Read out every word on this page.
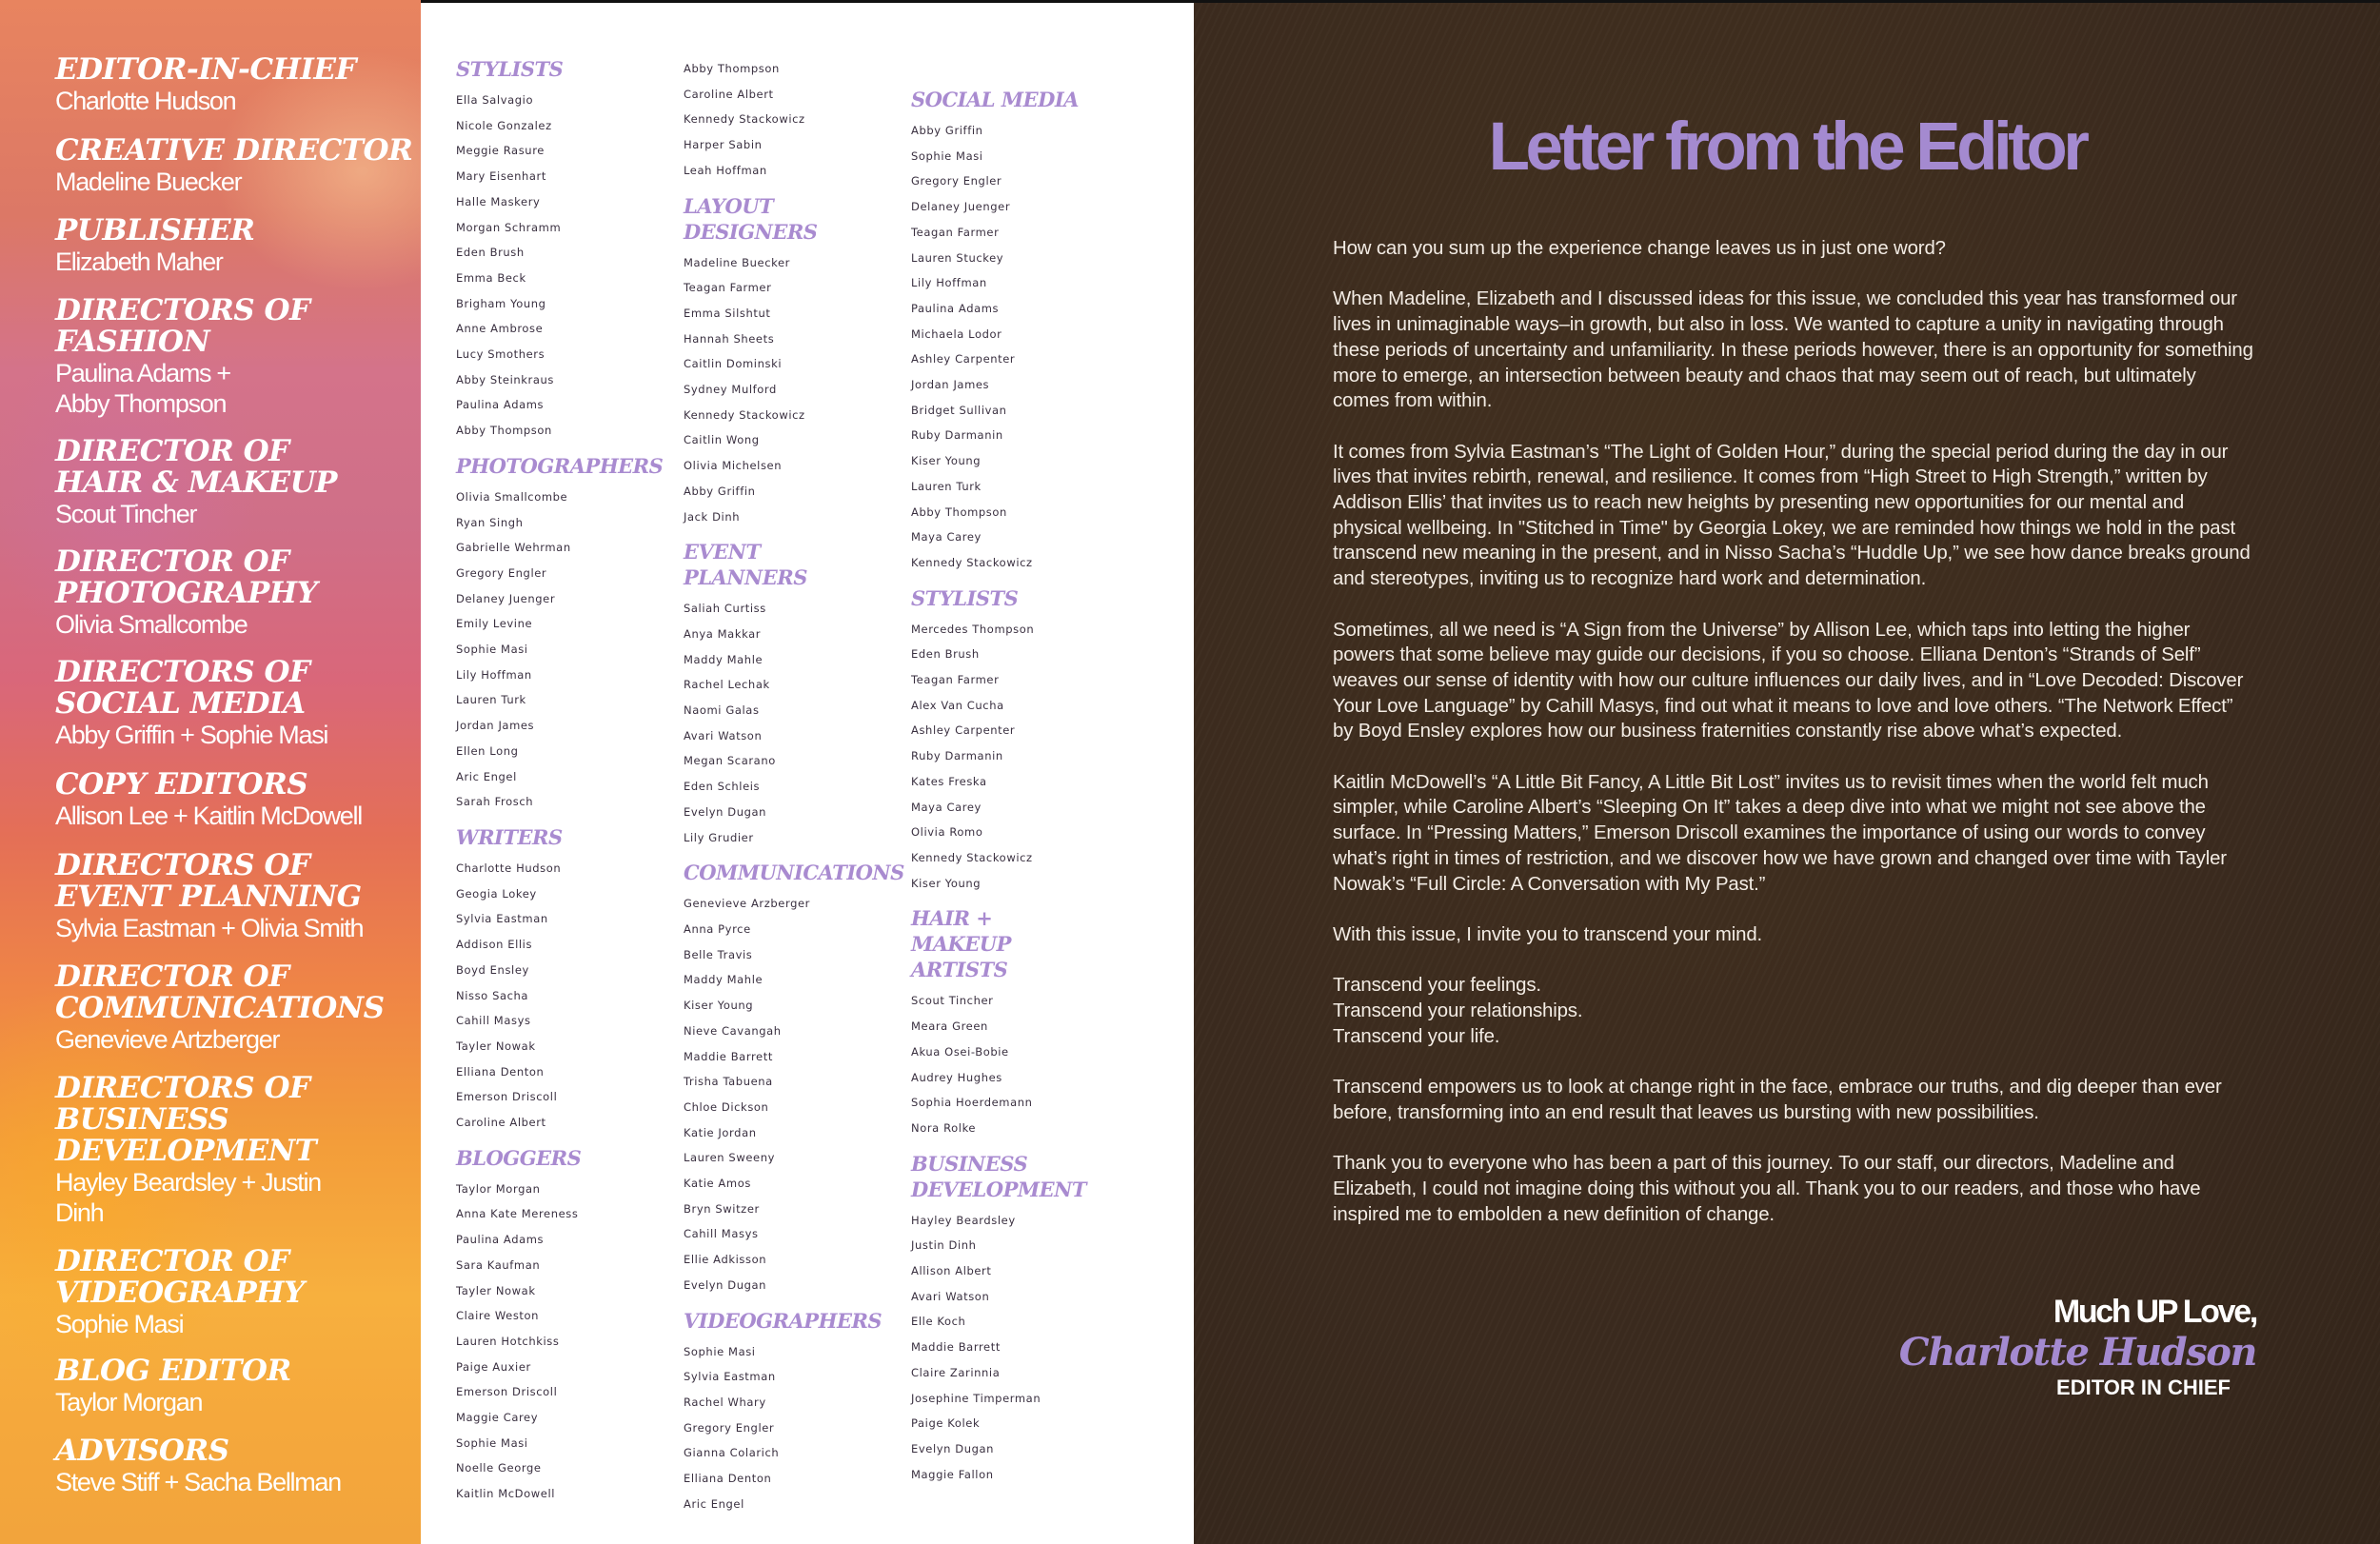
EDITOR-IN-CHIEF
Charlotte Hudson
CREATIVE DIRECTOR
Madeline Buecker
PUBLISHER
Elizabeth Maher
DIRECTORS OF
FASHION
Paulina Adams +
Abby Thompson
DIRECTOR OF
HAIR & MAKEUP
Scout Tincher
DIRECTOR OF
PHOTOGRAPHY
Olivia Smallcombe
DIRECTORS OF
SOCIAL MEDIA
Abby Griffin + Sophie Masi
COPY EDITORS
Allison Lee + Kaitlin McDowell
DIRECTORS OF
EVENT PLANNING
Sylvia Eastman + Olivia Smith
DIRECTOR OF
COMMUNICATIONS
Genevieve Artzberger
DIRECTORS OF
BUSINESS
DEVELOPMENT
Hayley Beardsley + Justin
Dinh
DIRECTOR OF
VIDEOGRAPHY
Sophie Masi
BLOG EDITOR
Taylor Morgan
ADVISORS
Steve Stiff + Sacha Bellman
STYLISTS
Ella Salvagio
Nicole Gonzalez
Meggie Rasure
Mary Eisenhart
Halle Maskery
Morgan Schramm
Eden Brush
Emma Beck
Brigham Young
Anne Ambrose
Lucy Smothers
Abby Steinkraus
Paulina Adams
Abby Thompson
PHOTOGRAPHERS
Olivia Smallcombe
Ryan Singh
Gabrielle Wehrman
Gregory Engler
Delaney Juenger
Emily Levine
Sophie Masi
Lily Hoffman
Lauren Turk
Jordan James
Ellen Long
Aric Engel
Sarah Frosch
WRITERS
Charlotte Hudson
Geogia Lokey
Sylvia Eastman
Addison Ellis
Boyd Ensley
Nisso Sacha
Cahill Masys
Tayler Nowak
Elliana Denton
Emerson Driscoll
Caroline Albert
BLOGGERS
Taylor Morgan
Anna Kate Mereness
Paulina Adams
Sara Kaufman
Tayler Nowak
Claire Weston
Lauren Hotchkiss
Paige Auxier
Emerson Driscoll
Maggie Carey
Sophie Masi
Noelle George
Kaitlin McDowell
Abby Thompson
Caroline Albert
Kennedy Stackowicz
Harper Sabin
Leah Hoffman
LAYOUT
DESIGNERS
Madeline Buecker
Teagan Farmer
Emma Silshtut
Hannah Sheets
Caitlin Dominski
Sydney Mulford
Kennedy Stackowicz
Caitlin Wong
Olivia Michelsen
Abby Griffin
Jack Dinh
EVENT
PLANNERS
Saliah Curtiss
Anya Makkar
Maddy Mahle
Rachel Lechak
Naomi Galas
Avari Watson
Megan Scarano
Eden Schleis
Evelyn Dugan
Lily Grudier
COMMUNICATIONS
Genevieve Arzberger
Anna Pyrce
Belle Travis
Maddy Mahle
Kiser Young
Nieve Cavangah
Maddie Barrett
Trisha Tabuena
Chloe Dickson
Katie Jordan
Lauren Sweeny
Katie Amos
Bryn Switzer
Cahill Masys
Ellie Adkisson
Evelyn Dugan
VIDEOGRAPHERS
Sophie Masi
Sylvia Eastman
Rachel Whary
Gregory Engler
Gianna Colarich
Elliana Denton
Aric Engel
SOCIAL MEDIA
Abby Griffin
Sophie Masi
Gregory Engler
Delaney Juenger
Teagan Farmer
Lauren Stuckey
Lily Hoffman
Paulina Adams
Michaela Lodor
Ashley Carpenter
Jordan James
Bridget Sullivan
Ruby Darmanin
Kiser Young
Lauren Turk
Abby Thompson
Maya Carey
Kennedy Stackowicz
STYLISTS
Mercedes Thompson
Eden Brush
Teagan Farmer
Alex Van Cucha
Ashley Carpenter
Ruby Darmanin
Kates Freska
Maya Carey
Olivia Romo
Kennedy Stackowicz
Kiser Young
HAIR +
MAKEUP
ARTISTS
Scout Tincher
Meara Green
Akua Osei-Bobie
Audrey Hughes
Sophia Hoerdemann
Nora Rolke
BUSINESS
DEVELOPMENT
Hayley Beardsley
Justin Dinh
Allison Albert
Avari Watson
Elle Koch
Maddie Barrett
Claire Zarinnia
Josephine Timperman
Paige Kolek
Evelyn Dugan
Maggie Fallon
Letter from the Editor

How can you sum up the experience change leaves us in just one word?

When Madeline, Elizabeth and I discussed ideas for this issue, we concluded this year has transformed our lives in unimaginable ways–in growth, but also in loss. We wanted to capture a unity in navigating through these periods of uncertainty and unfamiliarity. In these periods however, there is an opportunity for something more to emerge, an intersection between beauty and chaos that may seem out of reach, but ultimately comes from within.

It comes from Sylvia Eastman’s “The Light of Golden Hour,” during the special period during the day in our lives that invites rebirth, renewal, and resilience. It comes from “High Street to High Strength,” written by Addison Ellis’ that invites us to reach new heights by presenting new opportunities for our mental and physical wellbeing. In "Stitched in Time" by Georgia Lokey, we are reminded how things we hold in the past transcend new meaning in the present, and in Nisso Sacha’s “Huddle Up,” we see how dance breaks ground and stereotypes, inviting us to recognize hard work and determination.

Sometimes, all we need is “A Sign from the Universe” by Allison Lee, which taps into letting the higher powers that some believe may guide our decisions, if you so choose. Elliana Denton’s “Strands of Self” weaves our sense of identity with how our culture influences our daily lives, and in “Love Decoded: Discover Your Love Language” by Cahill Masys, find out what it means to love and love others. “The Network Effect” by Boyd Ensley explores how our business fraternities constantly rise above what’s expected.

Kaitlin McDowell’s “A Little Bit Fancy, A Little Bit Lost” invites us to revisit times when the world felt much simpler, while Caroline Albert’s “Sleeping On It” takes a deep dive into what we might not see above the surface. In “Pressing Matters,” Emerson Driscoll examines the importance of using our words to convey what’s right in times of restriction, and we discover how we have grown and changed over time with Tayler Nowak’s “Full Circle: A Conversation with My Past.”

With this issue, I invite you to transcend your mind.

Transcend your feelings.
Transcend your relationships.
Transcend your life.

Transcend empowers us to look at change right in the face, embrace our truths, and dig deeper than ever before, transforming into an end result that leaves us bursting with new possibilities.

Thank you to everyone who has been a part of this journey. To our staff, our directors, Madeline and Elizabeth, I could not imagine doing this without you all. Thank you to our readers, and those who have inspired me to embolden a new definition of change.

Much UP Love,
Charlotte Hudson
EDITOR IN CHIEF
